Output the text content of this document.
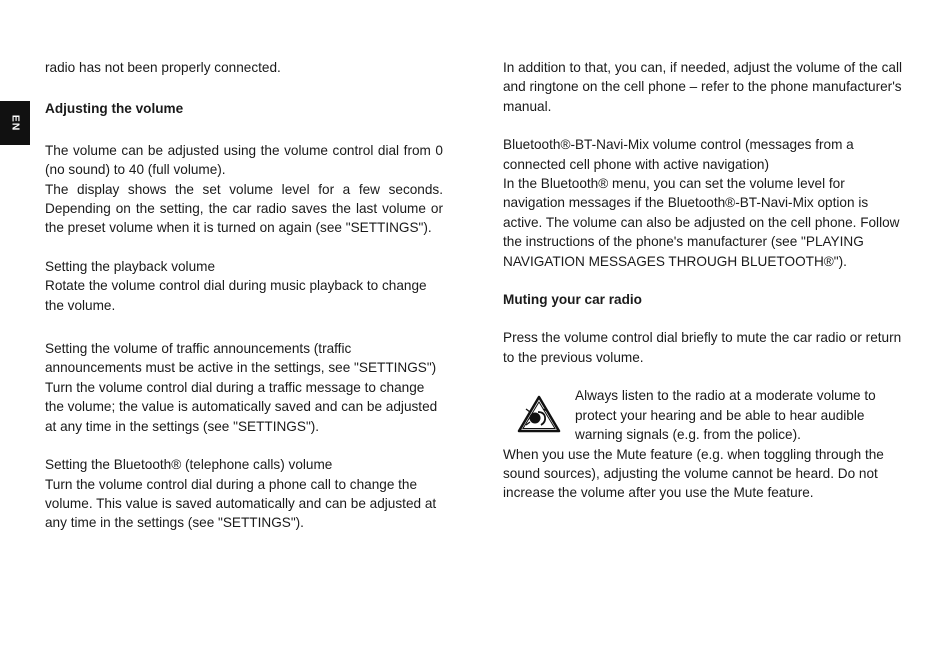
EN

radio has not been properly connected.

Adjusting the volume

The volume can be adjusted using the volume control dial from 0 (no sound) to 40 (full volume).

The display shows the set volume level for a few seconds. Depending on the setting, the car radio saves the last volume or the preset volume when it is turned on again (see "SETTINGS").

Setting the playback volume

Rotate the volume control dial during music playback to change the volume.

Setting the volume of traffic announcements (traffic announcements must be active in the settings, see "SETTINGS")

Turn the volume control dial during a traffic message to change the volume; the value is automatically saved and can be adjusted at any time in the settings (see "SETTINGS").

Setting the Bluetooth® (telephone calls) volume

Turn the volume control dial during a phone call to change the volume. This value is saved automatically and can be adjusted at any time in the settings (see "SETTINGS").

In addition to that, you can, if needed, adjust the volume of the call and ringtone on the cell phone – refer to the phone manufacturer's manual.

Bluetooth®-BT-Navi-Mix volume control (messages from a connected cell phone with active navigation)

In the Bluetooth® menu, you can set the volume level for navigation messages if the Bluetooth®-BT-Navi-Mix option is active. The volume can also be adjusted on the cell phone. Follow the instructions of the phone's manufacturer (see "PLAYING NAVIGATION MESSAGES THROUGH BLUETOOTH®").

Muting your car radio

Press the volume control dial briefly to mute the car radio or return to the previous volume.

Always listen to the radio at a moderate volume to protect your hearing and be able to hear audible warning signals (e.g. from the police).

When you use the Mute feature (e.g. when toggling through the sound sources), adjusting the volume cannot be heard. Do not increase the volume after you use the Mute feature.
